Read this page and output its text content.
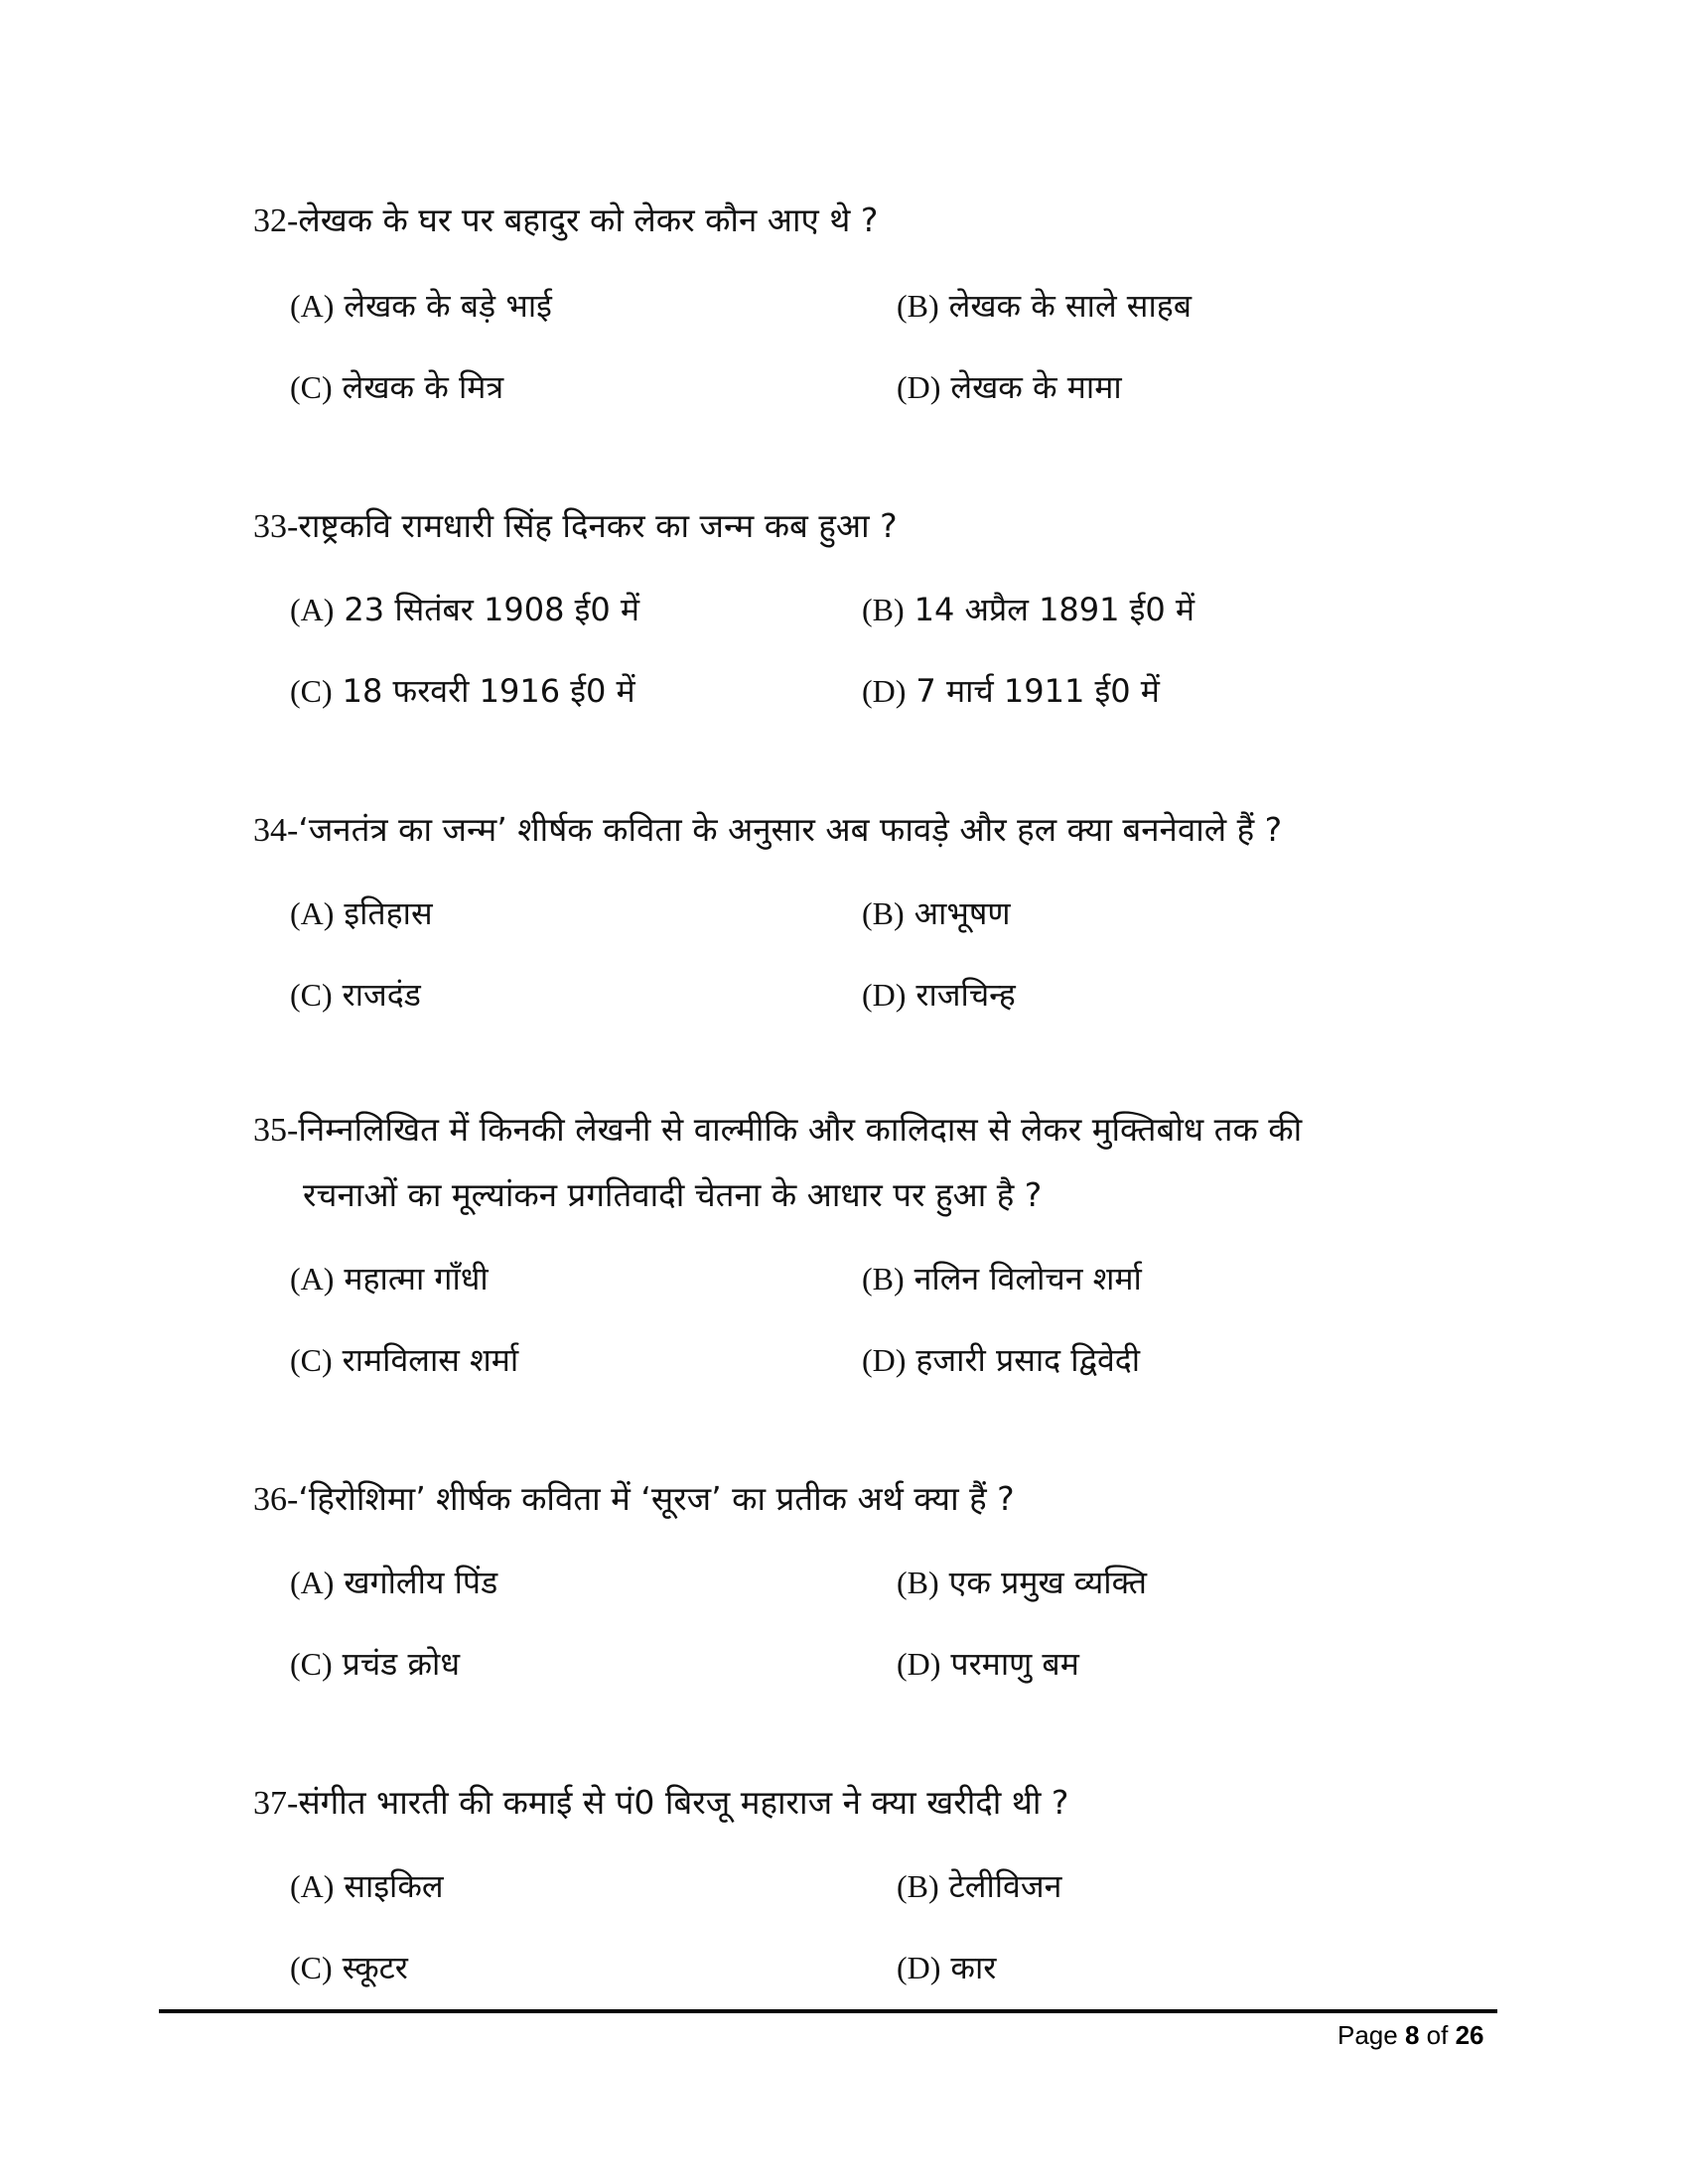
32-लेखक के घर पर बहादुर को लेकर कौन आए थे ?
(A) लेखक के बड़े भाई	(B) लेखक के साले साहब
(C) लेखक के मित्र	(D) लेखक के मामा
33-राष्ट्रकवि रामधारी सिंह दिनकर का जन्म कब हुआ ?
(A) 23 सितंबर 1908 ई0 में	(B) 14 अप्रैल 1891 ई0 में
(C) 18 फरवरी 1916 ई0 में	(D) 7 मार्च 1911 ई0 में
34-‘जनतंत्र का जन्म’ शीर्षक कविता के अनुसार अब फावड़े और हल क्या बननेवाले हैं ?
(A) इतिहास	(B) आभूषण
(C) राजदंड	(D) राजचिन्ह
35-निम्नलिखित में किनकी लेखनी से वाल्मीकि और कालिदास से लेकर मुक्तिबोध तक की
रचनाओं का मूल्यांकन प्रगतिवादी चेतना के आधार पर हुआ है ?
(A) महात्मा गाँधी	(B) नलिन विलोचन शर्मा
(C) रामविलास शर्मा	(D) हजारी प्रसाद द्विवेदी
36-‘हिरोशिमा’ शीर्षक कविता में ‘सूरज’ का प्रतीक अर्थ क्या हैं ?
(A) खगोलीय पिंड	(B) एक प्रमुख व्यक्ति
(C) प्रचंड क्रोध	(D) परमाणु बम
37-संगीत भारती की कमाई से पं0 बिरजू महाराज ने क्या खरीदी थी ?
(A) साइकिल	(B) टेलीविजन
(C) स्कूटर	(D) कार
Page 8 of 26
